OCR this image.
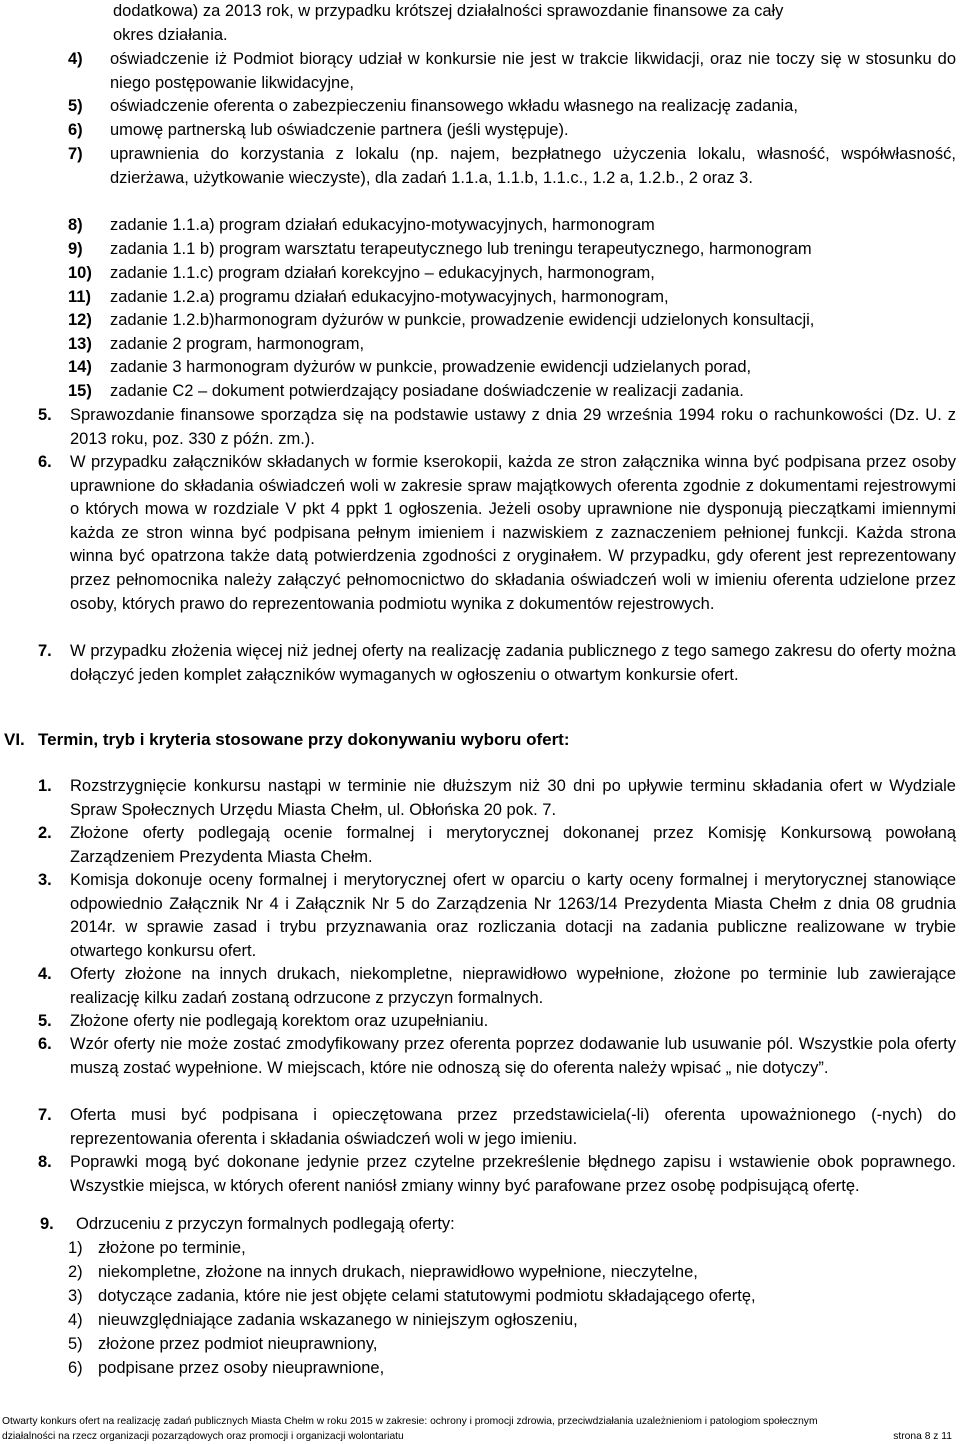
dodatkowa) za 2013 rok, w przypadku krótszej działalności sprawozdanie finansowe za cały
okres działania.
4) oświadczenie iż Podmiot biorący udział w konkursie nie jest w trakcie likwidacji, oraz nie toczy się w stosunku do niego postępowanie likwidacyjne,
5) oświadczenie oferenta o zabezpieczeniu finansowego wkładu własnego na realizację zadania,
6) umowę partnerską lub oświadczenie partnera (jeśli występuje).
7) uprawnienia do korzystania z lokalu (np. najem, bezpłatnego użyczenia lokalu, własność, współwłasność, dzierżawa, użytkowanie wieczyste), dla zadań 1.1.a, 1.1.b, 1.1.c., 1.2 a, 1.2.b., 2 oraz 3.
8) zadanie 1.1.a) program działań edukacyjno-motywacyjnych, harmonogram
9) zadania 1.1 b) program warsztatu terapeutycznego lub treningu terapeutycznego, harmonogram
10) zadanie 1.1.c) program działań korekcyjno – edukacyjnych, harmonogram,
11) zadanie 1.2.a) programu działań edukacyjno-motywacyjnych, harmonogram,
12) zadanie 1.2.b)harmonogram dyżurów w punkcie, prowadzenie ewidencji udzielonych konsultacji,
13) zadanie 2 program, harmonogram,
14) zadanie 3 harmonogram dyżurów w punkcie, prowadzenie ewidencji udzielanych porad,
15) zadanie C2 – dokument potwierdzający posiadane doświadczenie w realizacji zadania.
5. Sprawozdanie finansowe sporządza się na podstawie ustawy z dnia 29 września 1994 roku o rachunkowości (Dz. U. z 2013 roku, poz. 330 z późn. zm.).
6. W przypadku załączników składanych w formie kserokopii, każda ze stron załącznika winna być podpisana przez osoby uprawnione do składania oświadczeń woli w zakresie spraw majątkowych oferenta zgodnie z dokumentami rejestrowymi o których mowa w rozdziale V pkt 4 ppkt 1 ogłoszenia. Jeżeli osoby uprawnione nie dysponują pieczątkami imiennymi każda ze stron winna być podpisana pełnym imieniem i nazwiskiem z zaznaczeniem pełnionej funkcji. Każda strona winna być opatrzona także datą potwierdzenia zgodności z oryginałem. W przypadku, gdy oferent jest reprezentowany przez pełnomocnika należy załączyć pełnomocnictwo do składania oświadczeń woli w imieniu oferenta udzielone przez osoby, których prawo do reprezentowania podmiotu wynika z dokumentów rejestrowych.
7. W przypadku złożenia więcej niż jednej oferty na realizację zadania publicznego z tego samego zakresu do oferty można dołączyć jeden komplet załączników wymaganych w ogłoszeniu o otwartym konkursie ofert.
VI. Termin, tryb i kryteria stosowane przy dokonywaniu wyboru ofert:
1. Rozstrzygnięcie konkursu nastąpi w terminie nie dłuższym niż 30 dni po upływie terminu składania ofert w Wydziale Spraw Społecznych Urzędu Miasta Chełm, ul. Obłońska 20 pok. 7.
2. Złożone oferty podlegają ocenie formalnej i merytorycznej dokonanej przez Komisję Konkursową powołaną Zarządzeniem Prezydenta Miasta Chełm.
3. Komisja dokonuje oceny formalnej i merytorycznej ofert w oparciu o karty oceny formalnej i merytorycznej stanowiące odpowiednio Załącznik Nr 4 i Załącznik Nr 5 do Zarządzenia Nr 1263/14 Prezydenta Miasta Chełm z dnia 08 grudnia 2014r. w sprawie zasad i trybu przyznawania oraz rozliczania dotacji na zadania publiczne realizowane w trybie otwartego konkursu ofert.
4. Oferty złożone na innych drukach, niekompletne, nieprawidłowo wypełnione, złożone po terminie lub zawierające realizację kilku zadań zostaną odrzucone z przyczyn formalnych.
5. Złożone oferty nie podlegają korektom oraz uzupełnianiu.
6. Wzór oferty nie może zostać zmodyfikowany przez oferenta poprzez dodawanie lub usuwanie pól. Wszystkie pola oferty muszą zostać wypełnione. W miejscach, które nie odnoszą się do oferenta należy wpisać „ nie dotyczy”.
7. Oferta musi być podpisana i opieczętowana przez przedstawiciela(-li) oferenta upoważnionego (-nych) do reprezentowania oferenta i składania oświadczeń woli w jego imieniu.
8. Poprawki mogą być dokonane jedynie przez czytelne przekreślenie błędnego zapisu i wstawienie obok poprawnego. Wszystkie miejsca, w których oferent naniósł zmiany winny być parafowane przez osobę podpisującą ofertę.
9. Odrzuceniu z przyczyn formalnych podlegają oferty:
1) złożone po terminie,
2) niekompletne, złożone na innych drukach, nieprawidłowo wypełnione, nieczytelne,
3) dotyczące zadania, które nie jest objęte celami statutowymi podmiotu składającego ofertę,
4) nieuwzględniające zadania wskazanego w niniejszym ogłoszeniu,
5) złożone przez podmiot nieuprawniony,
6) podpisane przez osoby nieuprawnione,
Otwarty konkurs ofert na realizację zadań publicznych Miasta Chełm w roku 2015 w zakresie: ochrony i promocji zdrowia, przeciwdziałania uzależnieniom i patologiom społecznym
działalności na rzecz organizacji pozarządowych oraz promocji i organizacji wolontariatu	strona 8 z 11
